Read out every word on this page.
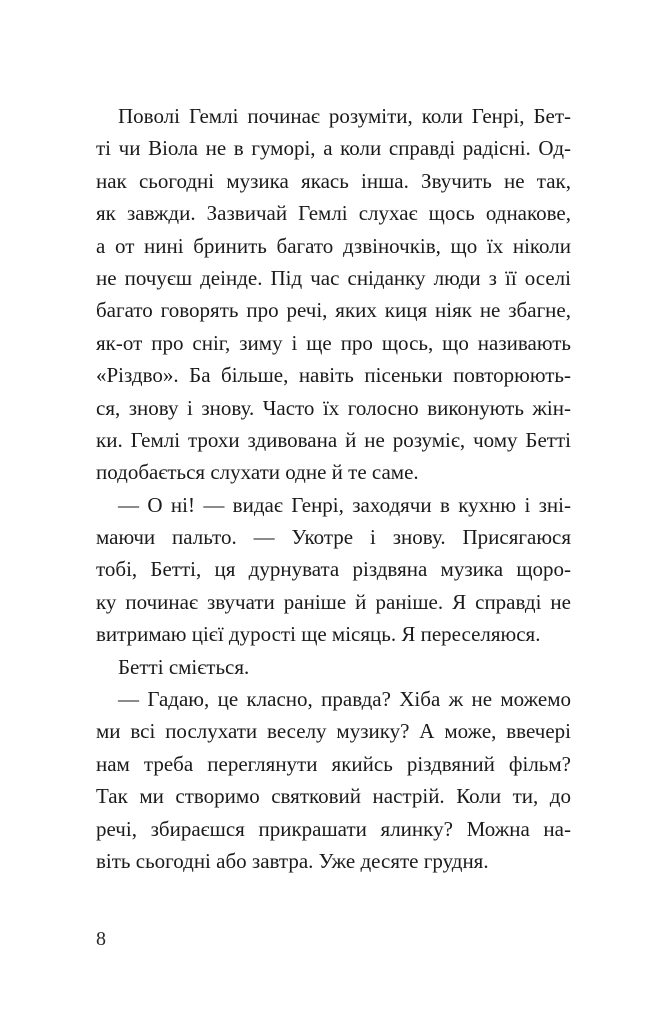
Поволі Гемлі починає розуміти, коли Генрі, Бет-
ті чи Віола не в гуморі, а коли справді радісні. Од-
нак сьогодні музика якась інша. Звучить не так,
як завжди. Зазвичай Гемлі слухає щось однакове,
а от нині бринить багато дзвіночків, що їх ніколи
не почуєш деінде. Під час сніданку люди з її оселі
багато говорять про речі, яких киця ніяк не збагне,
як-от про сніг, зиму і ще про щось, що називають
«Різдво». Ба більше, навіть пісеньки повторюють-
ся, знову і знову. Часто їх голосно виконують жін-
ки. Гемлі трохи здивована й не розуміє, чому Бетті
подобається слухати одне й те саме.
— О ні! — видає Генрі, заходячи в кухню і зні-
маючи пальто. — Укотре і знову. Присягаюся
тобі, Бетті, ця дурнувата різдвяна музика щоро-
ку починає звучати раніше й раніше. Я справді не
витримаю цієї дурості ще місяць. Я переселяюся.
Бетті сміється.
— Гадаю, це класно, правда? Хіба ж не можемо
ми всі послухати веселу музику? А може, ввечері
нам треба переглянути якийсь різдвяний фільм?
Так ми створимо святковий настрій. Коли ти, до
речі, збираєшся прикрашати ялинку? Можна на-
віть сьогодні або завтра. Уже десяте грудня.
8
